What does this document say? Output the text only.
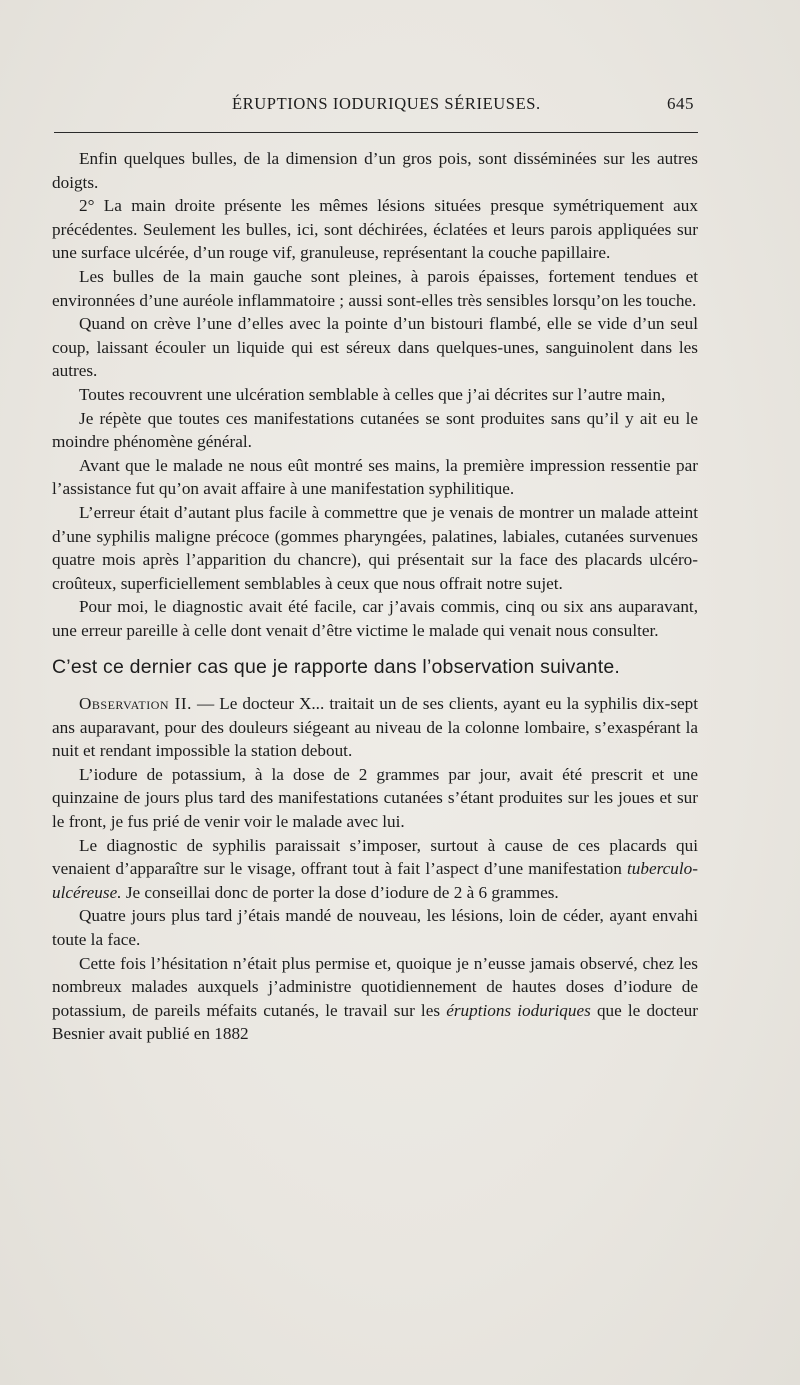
ÉRUPTIONS IODURIQUES SÉRIEUSES.	645

Enfin quelques bulles, de la dimension d’un gros pois, sont disséminées sur les autres doigts.

2° La main droite présente les mêmes lésions situées presque symétriquement aux précédentes. Seulement les bulles, ici, sont déchirées, éclatées et leurs parois appliquées sur une surface ulcérée, d’un rouge vif, granuleuse, représentant la couche papillaire.

Les bulles de la main gauche sont pleines, à parois épaisses, fortement tendues et environnées d’une auréole inflammatoire ; aussi sont-elles très sensibles lorsqu’on les touche.

Quand on crève l’une d’elles avec la pointe d’un bistouri flambé, elle se vide d’un seul coup, laissant écouler un liquide qui est séreux dans quelques-unes, sanguinolent dans les autres.

Toutes recouvrent une ulcération semblable à celles que j’ai décrites sur l’autre main,

Je répète que toutes ces manifestations cutanées se sont produites sans qu’il y ait eu le moindre phénomène général.

Avant que le malade ne nous eût montré ses mains, la première impression ressentie par l’assistance fut qu’on avait affaire à une manifestation syphilitique.

L’erreur était d’autant plus facile à commettre que je venais de montrer un malade atteint d’une syphilis maligne précoce (gommes pharyngées, palatines, labiales, cutanées survenues quatre mois après l’apparition du chancre), qui présentait sur la face des placards ulcéro-croûteux, superficiellement semblables à ceux que nous offrait notre sujet.

Pour moi, le diagnostic avait été facile, car j’avais commis, cinq ou six ans auparavant, une erreur pareille à celle dont venait d’être victime le malade qui venait nous consulter.

C’est ce dernier cas que je rapporte dans l’observation suivante.

Observation II. — Le docteur X... traitait un de ses clients, ayant eu la syphilis dix-sept ans auparavant, pour des douleurs siégeant au niveau de la colonne lombaire, s’exaspérant la nuit et rendant impossible la station debout.

L’iodure de potassium, à la dose de 2 grammes par jour, avait été prescrit et une quinzaine de jours plus tard des manifestations cutanées s’étant produites sur les joues et sur le front, je fus prié de venir voir le malade avec lui.

Le diagnostic de syphilis paraissait s’imposer, surtout à cause de ces placards qui venaient d’apparaître sur le visage, offrant tout à fait l’aspect d’une manifestation tuberculo-ulcéreuse. Je conseillai donc de porter la dose d’iodure de 2 à 6 grammes.

Quatre jours plus tard j’étais mandé de nouveau, les lésions, loin de céder, ayant envahi toute la face.

Cette fois l’hésitation n’était plus permise et, quoique je n’eusse jamais observé, chez les nombreux malades auxquels j’administre quotidiennement de hautes doses d’iodure de potassium, de pareils méfaits cutanés, le travail sur les éruptions ioduriques que le docteur Besnier avait publié en 1882
